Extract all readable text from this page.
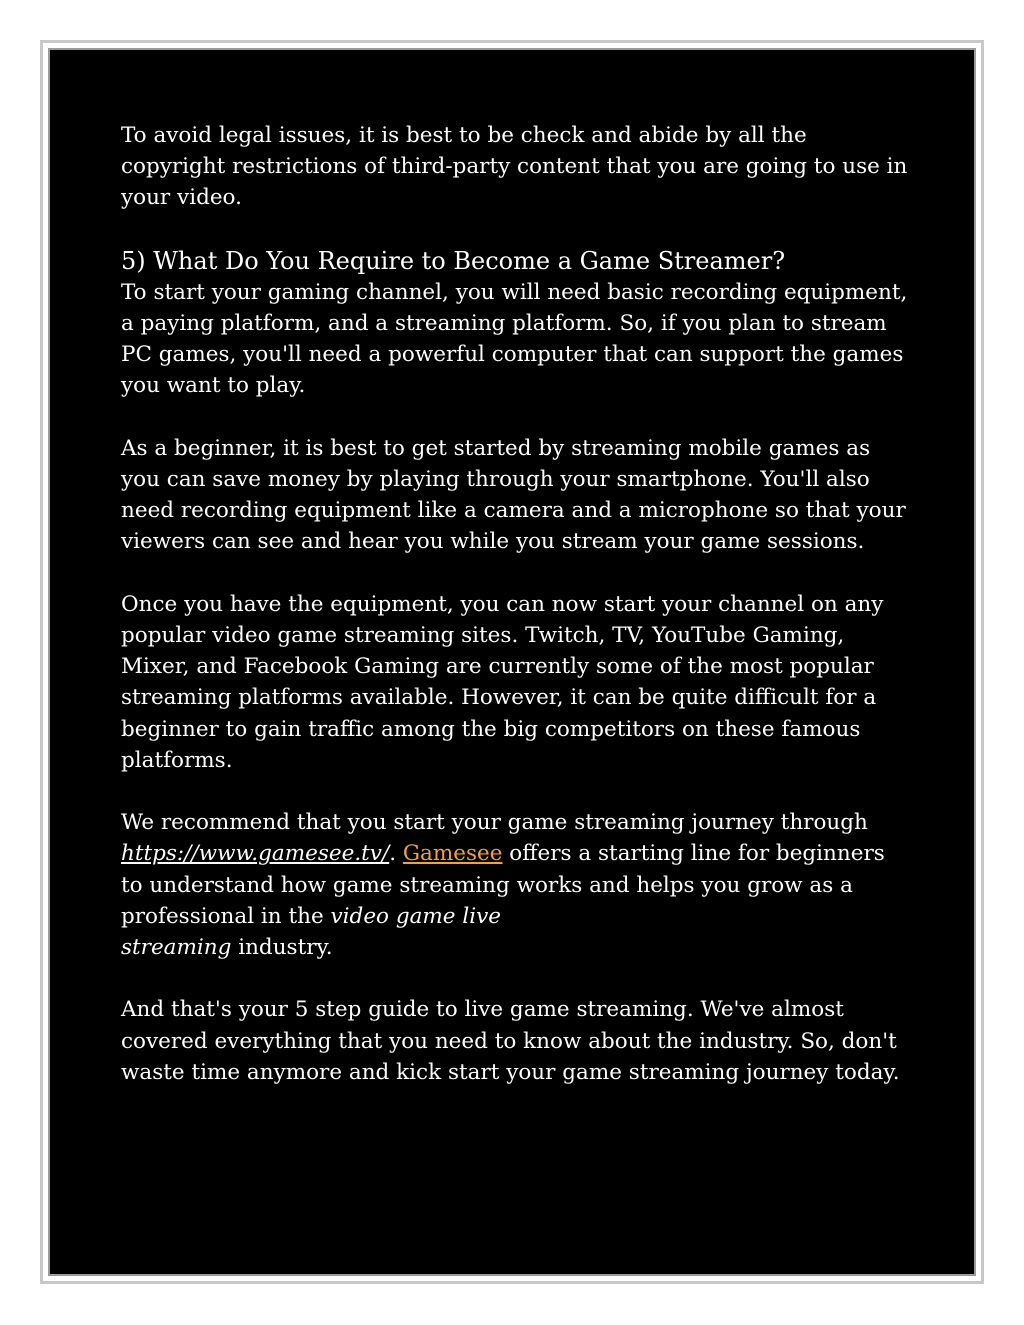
To avoid legal issues, it is best to be check and abide by all the copyright restrictions of third-party content that you are going to use in your video.

5) What Do You Require to Become a Game Streamer?

To start your gaming channel, you will need basic recording equipment, a paying platform, and a streaming platform. So, if you plan to stream PC games, you'll need a powerful computer that can support the games you want to play.

As a beginner, it is best to get started by streaming mobile games as you can save money by playing through your smartphone. You'll also need recording equipment like a camera and a microphone so that your viewers can see and hear you while you stream your game sessions.

Once you have the equipment, you can now start your channel on any popular video game streaming sites. Twitch, TV, YouTube Gaming, Mixer, and Facebook Gaming are currently some of the most popular streaming platforms available. However, it can be quite difficult for a beginner to gain traffic among the big competitors on these famous platforms.

We recommend that you start your game streaming journey through https://www.gamesee.tv/. Gamesee offers a starting line for beginners to understand how game streaming works and helps you grow as a professional in the video game live
streaming industry.

And that's your 5 step guide to live game streaming. We've almost covered everything that you need to know about the industry. So, don't waste time anymore and kick start your game streaming journey today.
